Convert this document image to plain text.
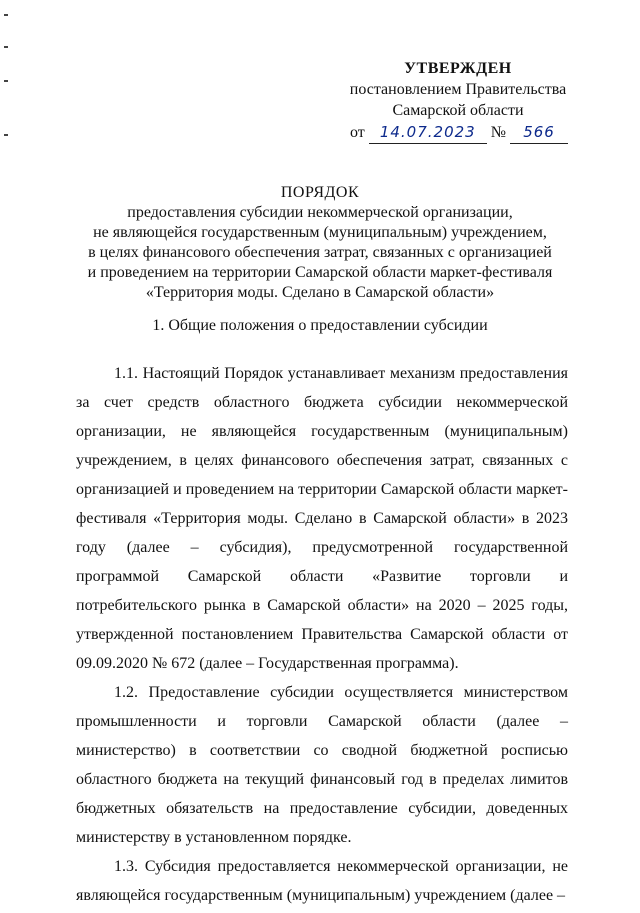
УТВЕРЖДЕН
постановлением Правительства
Самарской области
от 14.07.2023 № 566
ПОРЯДОК
предоставления субсидии некоммерческой организации,
не являющейся государственным (муниципальным) учреждением,
в целях финансового обеспечения затрат, связанных с организацией
и проведением на территории Самарской области маркет-фестиваля
«Территория моды. Сделано в Самарской области»
1. Общие положения о предоставлении субсидии

1.1. Настоящий Порядок устанавливает механизм предоставления за счет средств областного бюджета субсидии некоммерческой организации, не являющейся государственным (муниципальным) учреждением, в целях финансового обеспечения затрат, связанных с организацией и проведением на территории Самарской области маркет-фестиваля «Территория моды. Сделано в Самарской области» в 2023 году (далее – субсидия), предусмотренной государственной программой Самарской области «Развитие торговли и потребительского рынка в Самарской области» на 2020 – 2025 годы, утвержденной постановлением Правительства Самарской области от 09.09.2020 № 672 (далее – Государственная программа).

1.2. Предоставление субсидии осуществляется министерством промышленности и торговли Самарской области (далее – министерство) в соответствии со сводной бюджетной росписью областного бюджета на текущий финансовый год в пределах лимитов бюджетных обязательств на предоставление субсидии, доведенных министерству в установленном порядке.

1.3. Субсидия предоставляется некоммерческой организации, не являющейся государственным (муниципальным) учреждением (далее –
